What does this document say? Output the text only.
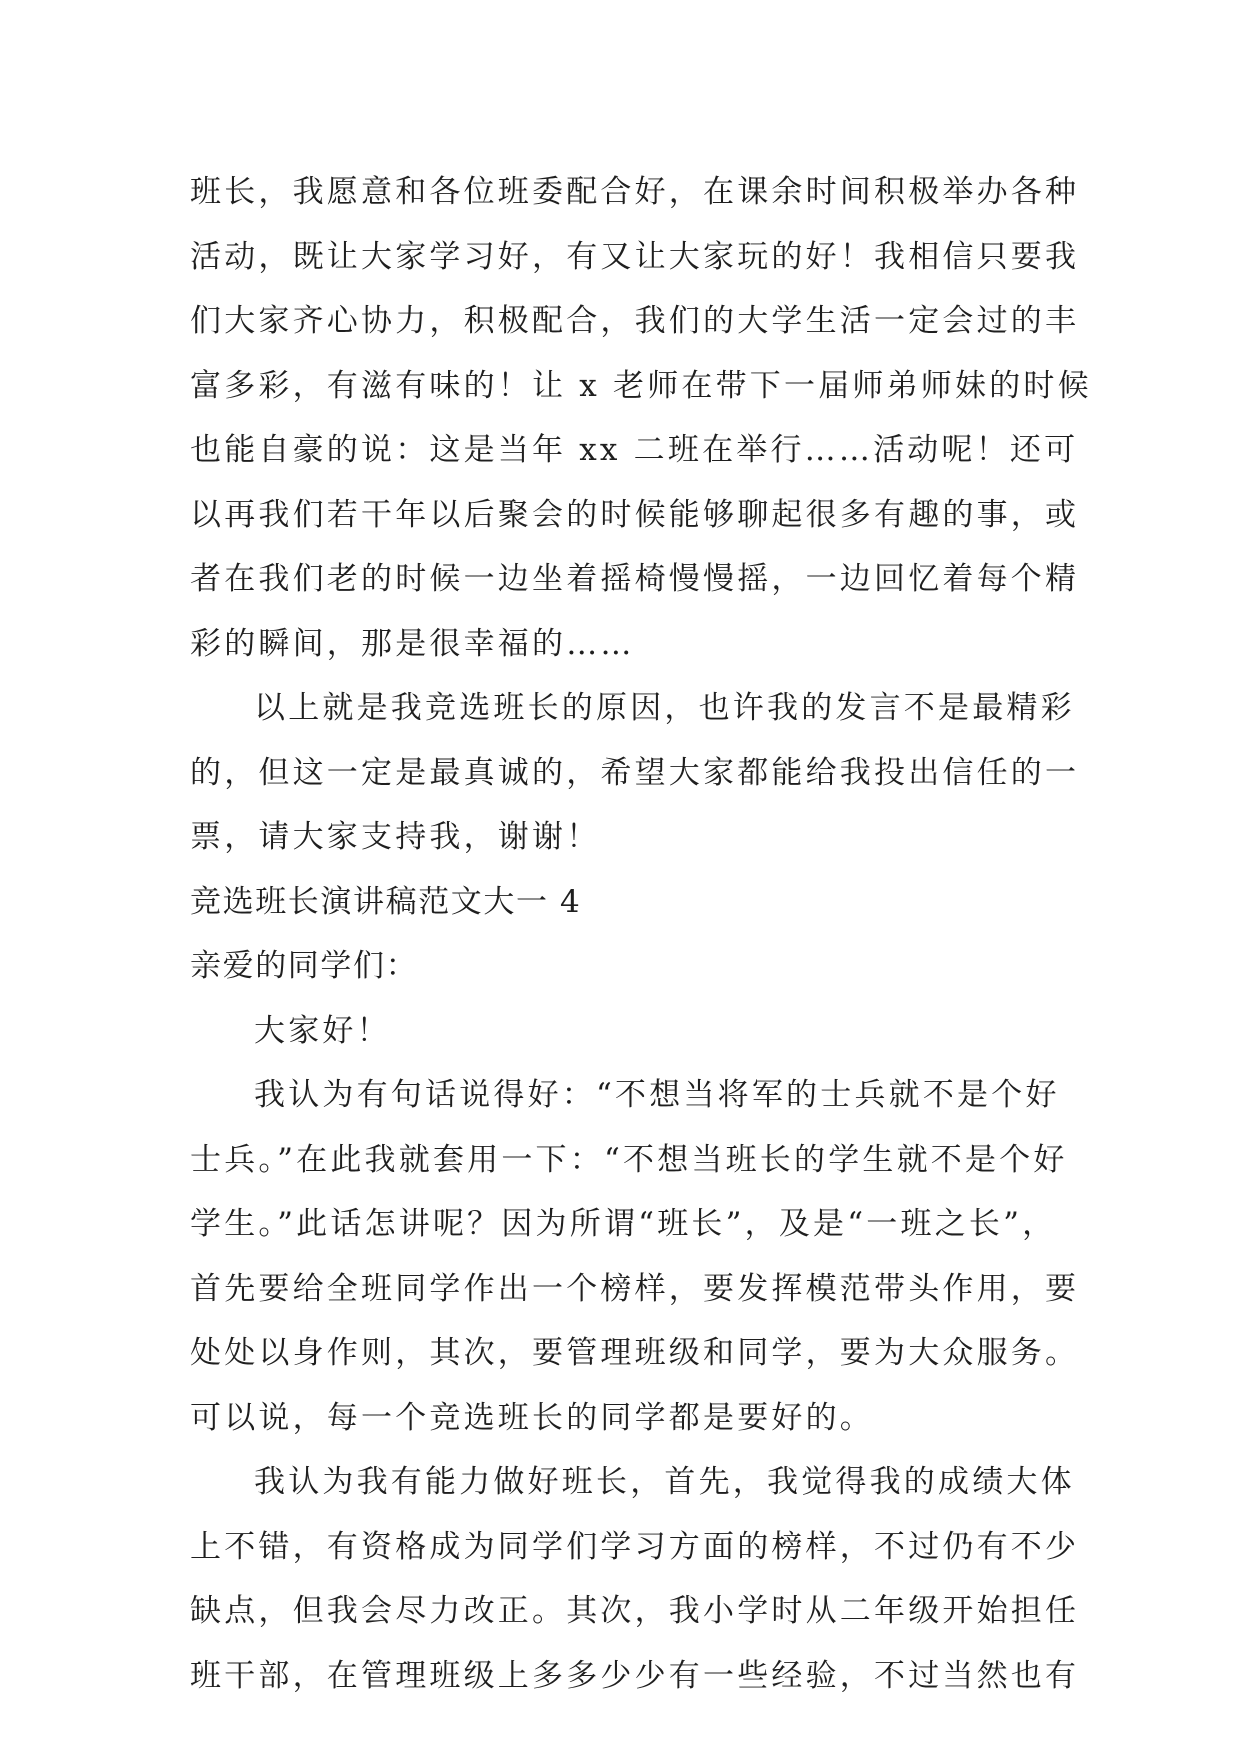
班长，我愿意和各位班委配合好，在课余时间积极举办各种
活动，既让大家学习好，有又让大家玩的好！我相信只要我
们大家齐心协力，积极配合，我们的大学生活一定会过的丰
富多彩，有滋有味的！让 x 老师在带下一届师弟师妹的时候
也能自豪的说：这是当年 xx 二班在举行……活动呢！还可
以再我们若干年以后聚会的时候能够聊起很多有趣的事，或
者在我们老的时候一边坐着摇椅慢慢摇，一边回忆着每个精
彩的瞬间，那是很幸福的……
以上就是我竞选班长的原因，也许我的发言不是最精彩
的，但这一定是最真诚的，希望大家都能给我投出信任的一
票，请大家支持我，谢谢！
竞选班长演讲稿范文大一 4
亲爱的同学们：
大家好！
我认为有句话说得好：“不想当将军的士兵就不是个好
士兵。”在此我就套用一下：“不想当班长的学生就不是个好
学生。”此话怎讲呢？因为所谓“班长”，及是“一班之长”，
首先要给全班同学作出一个榜样，要发挥模范带头作用，要
处处以身作则，其次，要管理班级和同学，要为大众服务。
可以说，每一个竞选班长的同学都是要好的。
我认为我有能力做好班长，首先，我觉得我的成绩大体
上不错，有资格成为同学们学习方面的榜样，不过仍有不少
缺点，但我会尽力改正。其次，我小学时从二年级开始担任
班干部，在管理班级上多多少少有一些经验，不过当然也有
